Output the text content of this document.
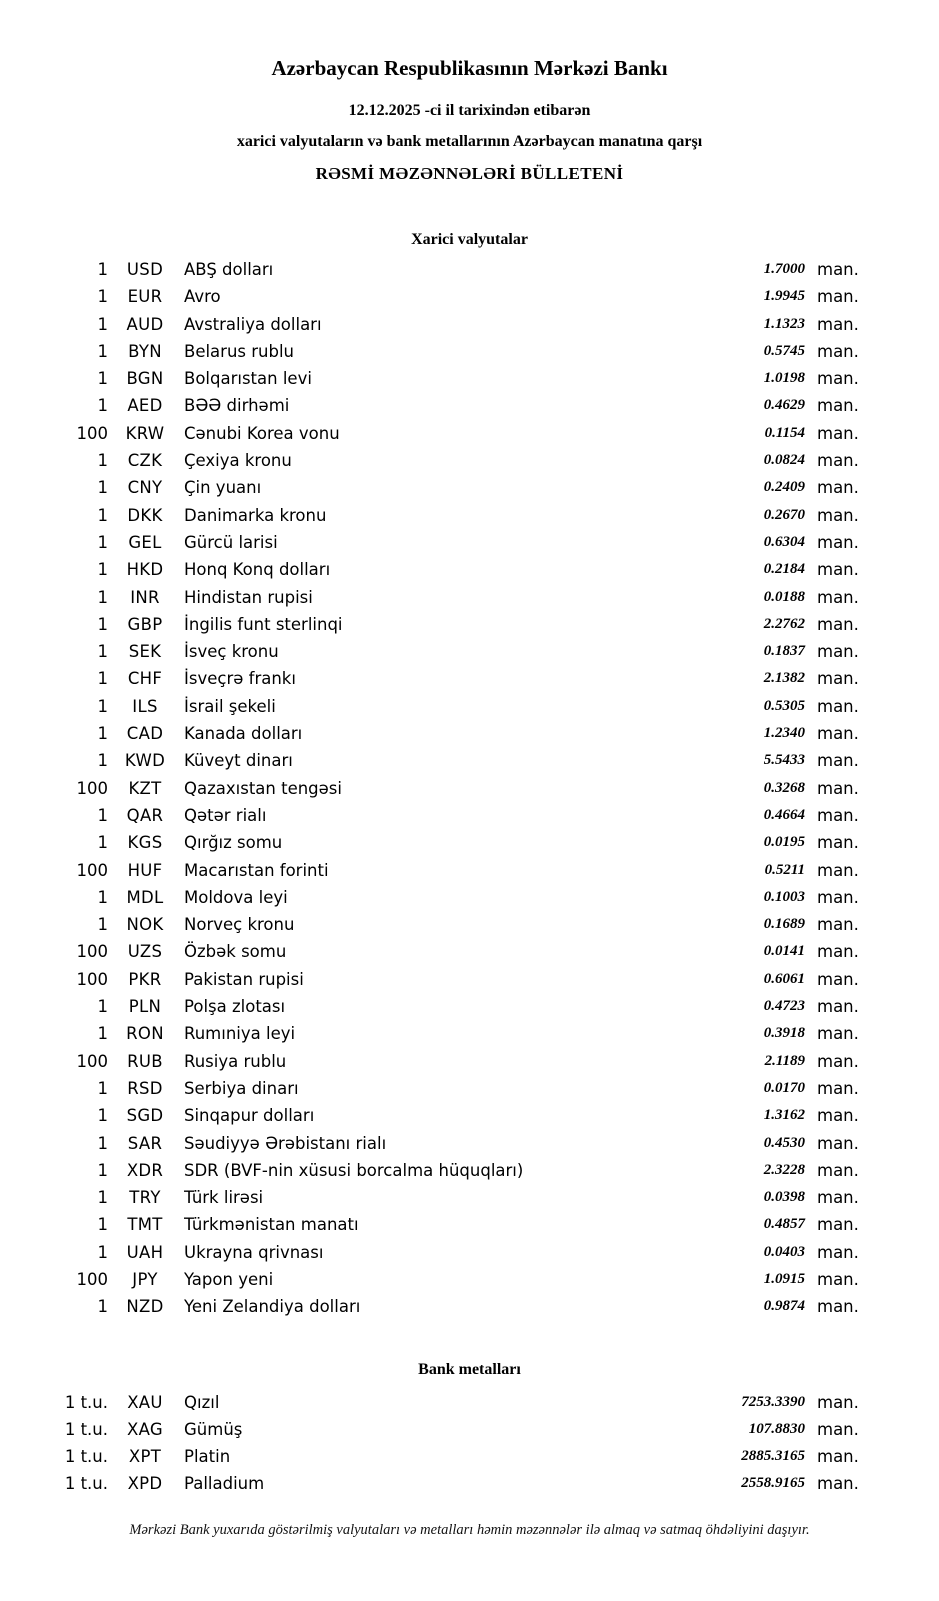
Azərbaycan Respublikasının Mərkəzi Bankı
12.12.2025 -ci il tarixindən etibarən
xarici valyutaların və bank metallarının Azərbaycan manatına qarşı
RƏSMİ MƏZƏNNƏLƏRİ BÜLLETENİ
Xarici valyutalar
1	USD	ABŞ dolları	1.7000 man.
1	EUR	Avro	1.9945 man.
1	AUD	Avstraliya dolları	1.1323 man.
1	BYN	Belarus rublu	0.5745 man.
1	BGN	Bolqarıstan levi	1.0198 man.
1	AED	BƏƏ dirhəmi	0.4629 man.
100	KRW	Cənubi Korea vonu	0.1154 man.
1	CZK	Çexiya kronu	0.0824 man.
1	CNY	Çin yuanı	0.2409 man.
1	DKK	Danimarka kronu	0.2670 man.
1	GEL	Gürcü larisi	0.6304 man.
1	HKD	Honq Konq dolları	0.2184 man.
1	INR	Hindistan rupisi	0.0188 man.
1	GBP	İngilis funt sterlinqi	2.2762 man.
1	SEK	İsveç kronu	0.1837 man.
1	CHF	İsveçrə frankı	2.1382 man.
1	ILS	İsrail şekeli	0.5305 man.
1	CAD	Kanada dolları	1.2340 man.
1	KWD	Küveyt dinarı	5.5433 man.
100	KZT	Qazaxıstan tengəsi	0.3268 man.
1	QAR	Qətər rialı	0.4664 man.
1	KGS	Qırğız somu	0.0195 man.
100	HUF	Macarıstan forinti	0.5211 man.
1	MDL	Moldova leyi	0.1003 man.
1	NOK	Norveç kronu	0.1689 man.
100	UZS	Özbək somu	0.0141 man.
100	PKR	Pakistan rupisi	0.6061 man.
1	PLN	Polşa zlotası	0.4723 man.
1	RON	Rumıniya leyi	0.3918 man.
100	RUB	Rusiya rublu	2.1189 man.
1	RSD	Serbiya dinarı	0.0170 man.
1	SGD	Sinqapur dolları	1.3162 man.
1	SAR	Səudiyyə Ərəbistanı rialı	0.4530 man.
1	XDR	SDR (BVF-nin xüsusi borcalma hüquqları)	2.3228 man.
1	TRY	Türk lirəsi	0.0398 man.
1	TMT	Türkmənistan manatı	0.4857 man.
1	UAH	Ukrayna qrivnası	0.0403 man.
100	JPY	Yapon yeni	1.0915 man.
1	NZD	Yeni Zelandiya dolları	0.9874 man.
Bank metalları
1 t.u.	XAU	Qızıl	7253.3390 man.
1 t.u.	XAG	Gümüş	107.8830 man.
1 t.u.	XPT	Platin	2885.3165 man.
1 t.u.	XPD	Palladium	2558.9165 man.
Mərkəzi Bank yuxarıda göstərilmiş valyutaları və metalları həmin məzənnələr ilə almaq və satmaq öhdəliyini daşıyır.
